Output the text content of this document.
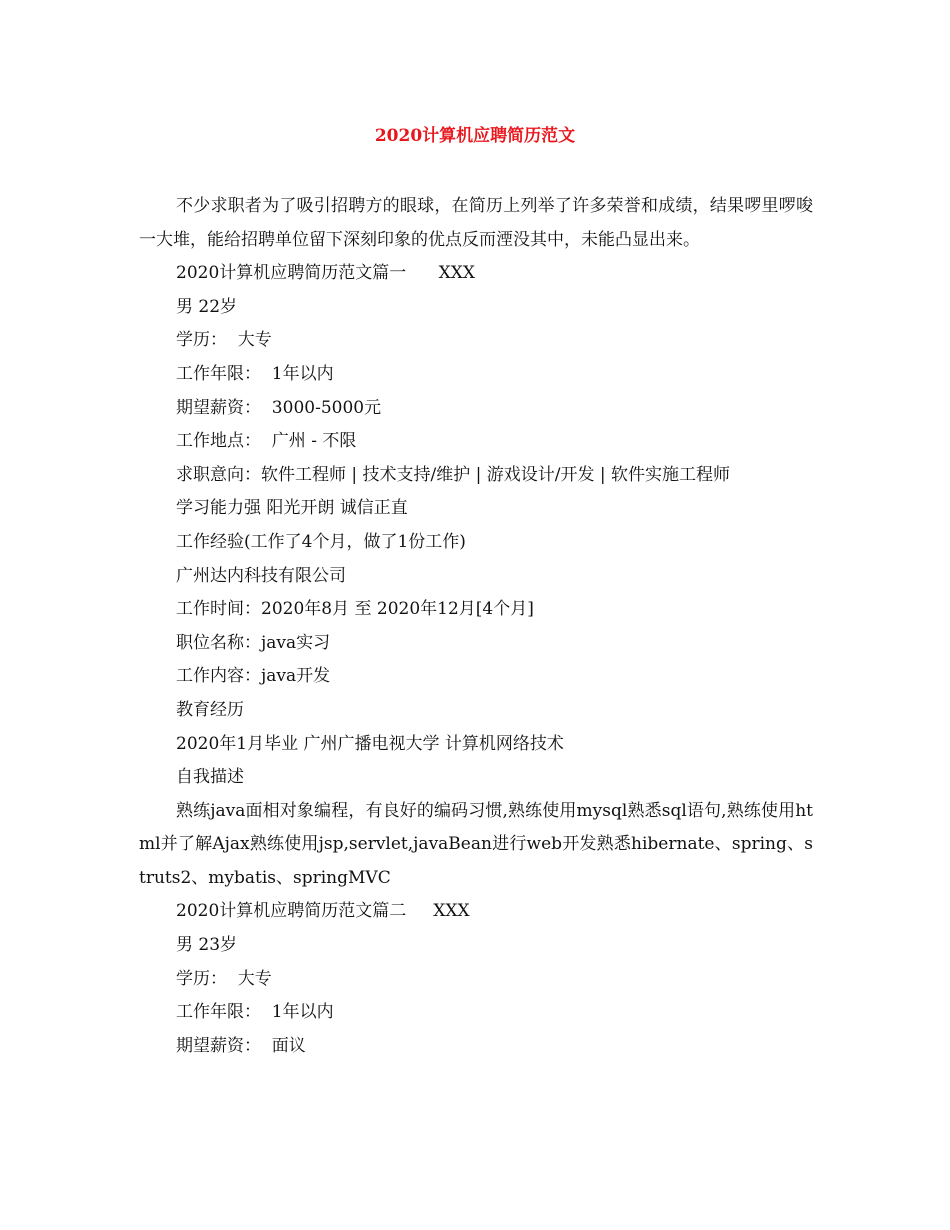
2020计算机应聘简历范文

不少求职者为了吸引招聘方的眼球，在简历上列举了许多荣誉和成绩，结果啰里啰唆一大堆，能给招聘单位留下深刻印象的优点反而湮没其中，未能凸显出来。

2020计算机应聘简历范文篇一      XXX

男 22岁

学历：  大专

工作年限：  1年以内

期望薪资：  3000-5000元

工作地点：  广州 - 不限

求职意向：软件工程师 | 技术支持/维护 | 游戏设计/开发 | 软件实施工程师

学习能力强 阳光开朗 诚信正直

工作经验(工作了4个月，做了1份工作)

广州达内科技有限公司

工作时间：2020年8月 至 2020年12月[4个月]

职位名称：java实习

工作内容：java开发

教育经历

2020年1月毕业 广州广播电视大学 计算机网络技术

自我描述

熟练java面相对象编程，有良好的编码习惯,熟练使用mysql熟悉sql语句,熟练使用html并了解Ajax熟练使用jsp,servlet,javaBean进行web开发熟悉hibernate、spring、struts2、mybatis、springMVC

2020计算机应聘简历范文篇二     XXX

男 23岁

学历：  大专

工作年限：  1年以内

期望薪资：  面议
